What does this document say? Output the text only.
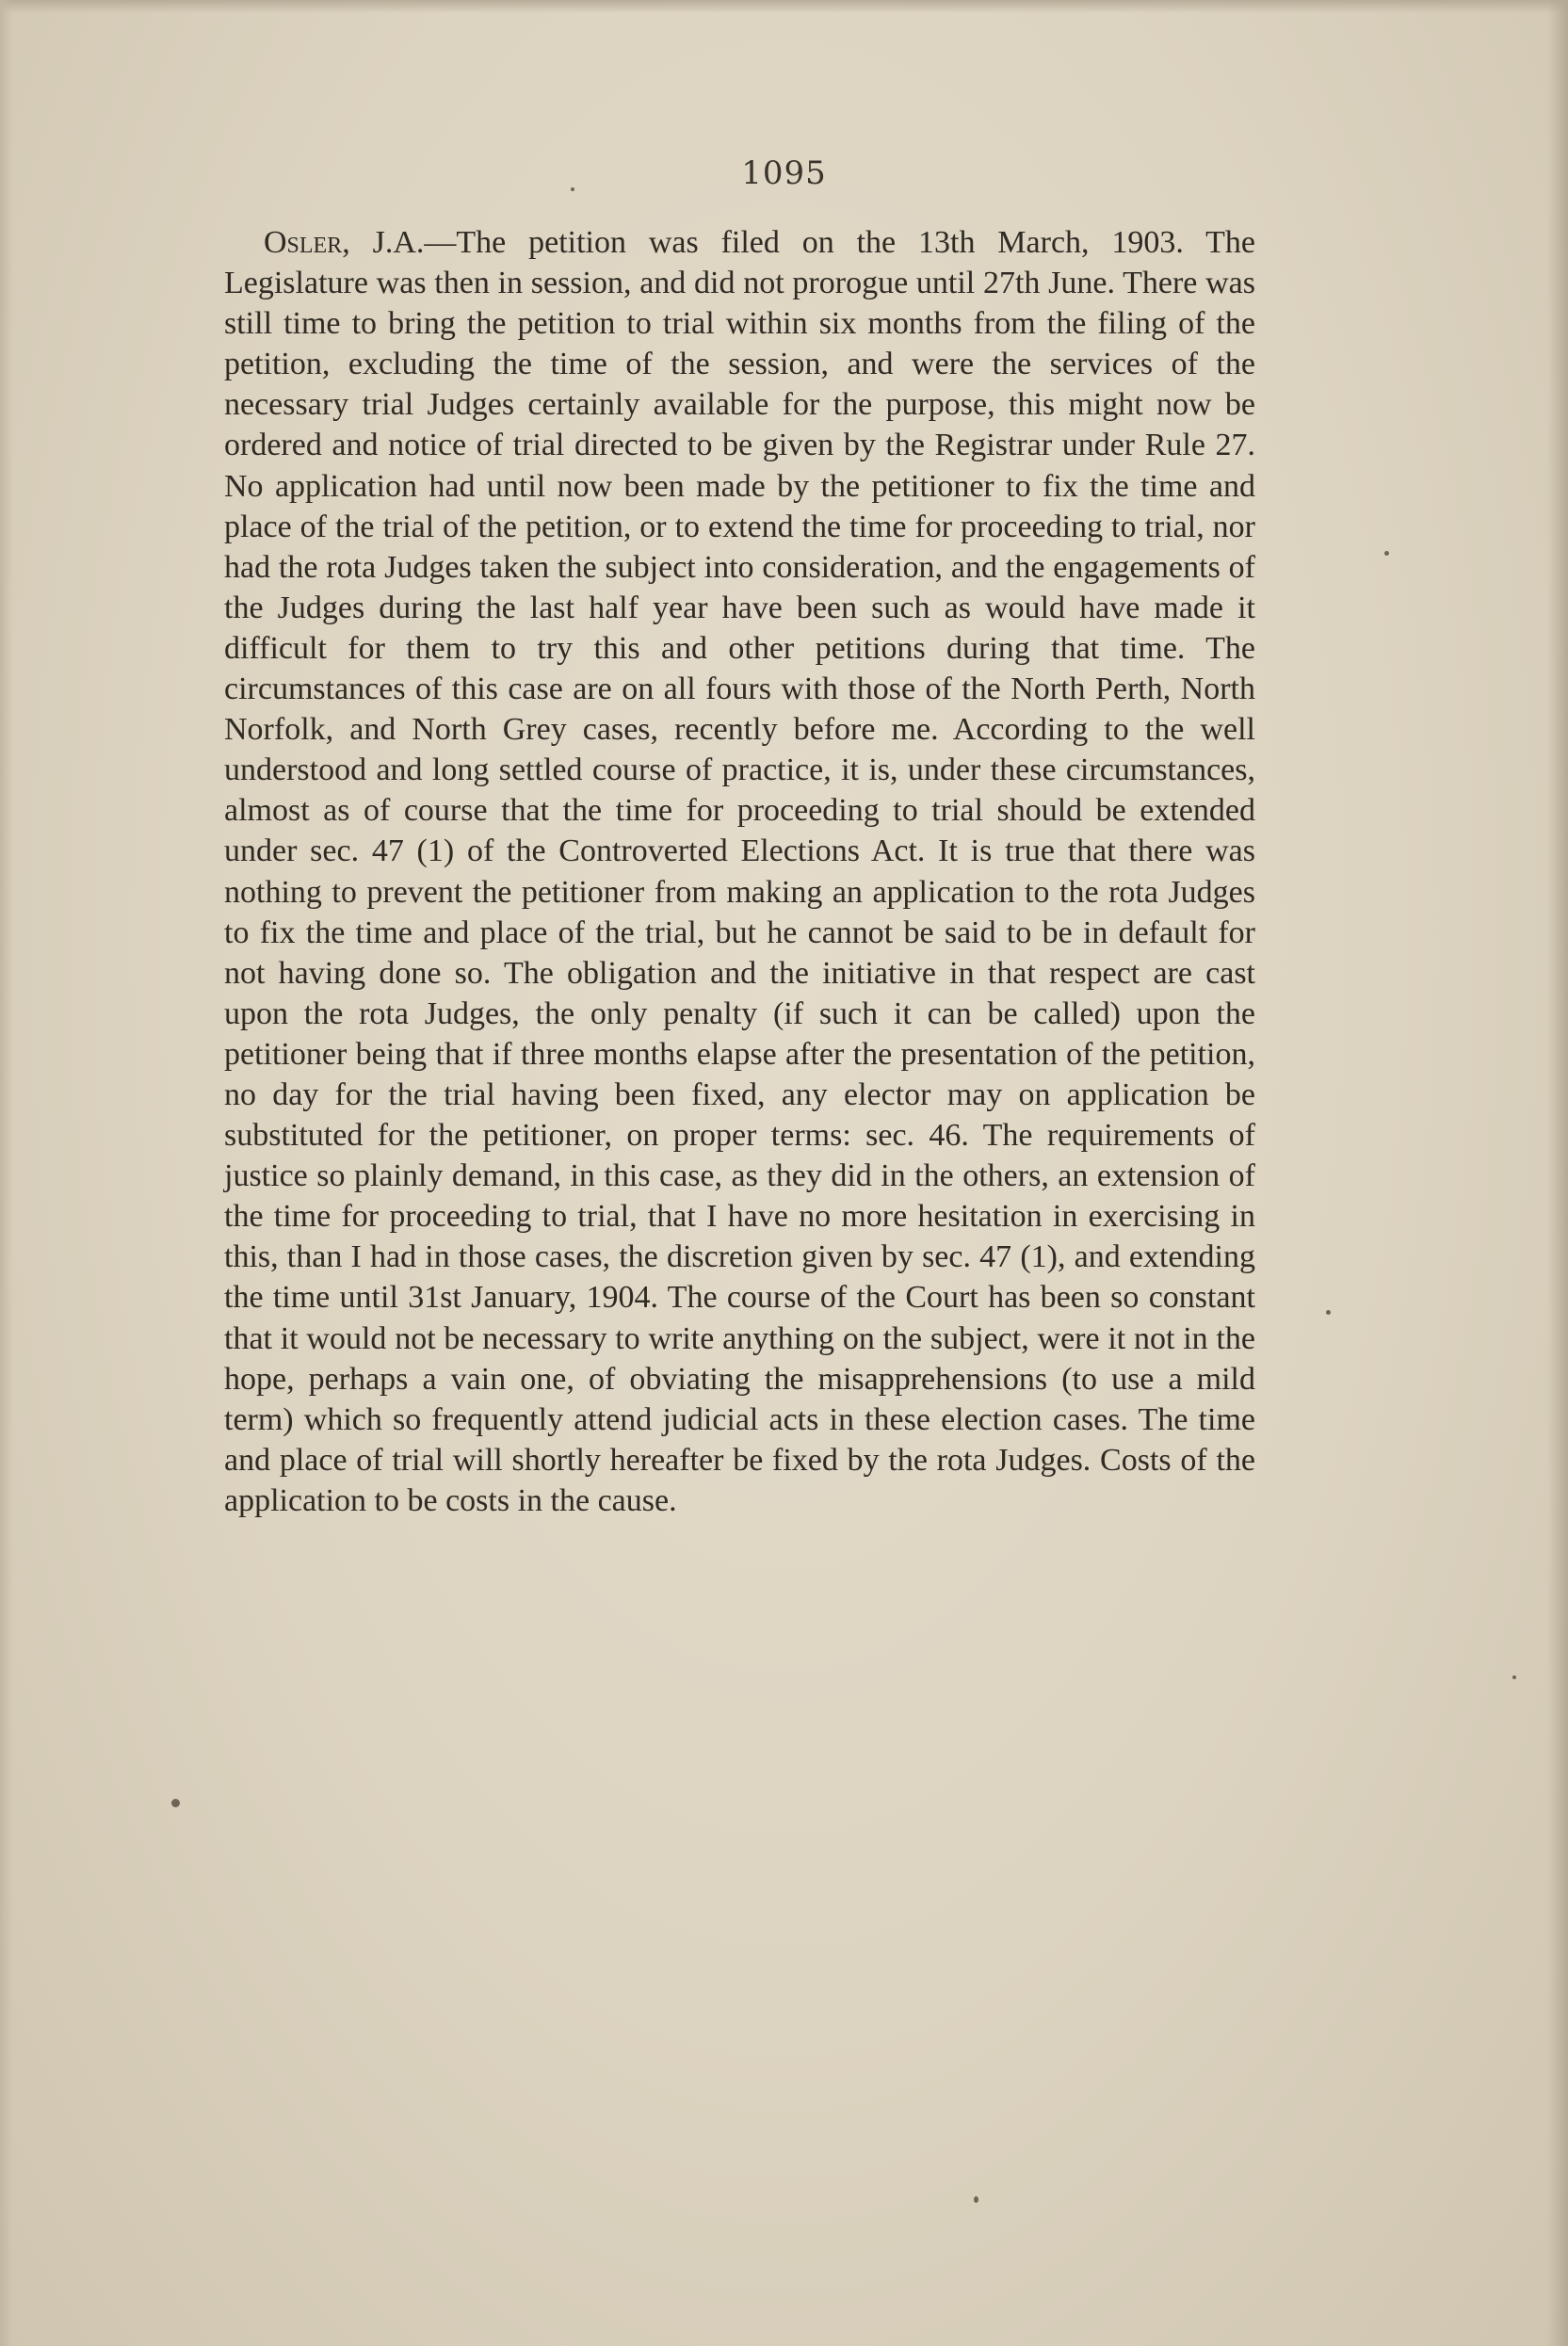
1095

Osler, J.A.—The petition was filed on the 13th March, 1903. The Legislature was then in session, and did not prorogue until 27th June. There was still time to bring the petition to trial within six months from the filing of the petition, excluding the time of the session, and were the services of the necessary trial Judges certainly available for the purpose, this might now be ordered and notice of trial directed to be given by the Registrar under Rule 27. No application had until now been made by the petitioner to fix the time and place of the trial of the petition, or to extend the time for proceeding to trial, nor had the rota Judges taken the subject into consideration, and the engagements of the Judges during the last half year have been such as would have made it difficult for them to try this and other petitions during that time. The circumstances of this case are on all fours with those of the North Perth, North Norfolk, and North Grey cases, recently before me. According to the well understood and long settled course of practice, it is, under these circumstances, almost as of course that the time for proceeding to trial should be extended under sec. 47 (1) of the Controverted Elections Act. It is true that there was nothing to prevent the petitioner from making an application to the rota Judges to fix the time and place of the trial, but he cannot be said to be in default for not having done so. The obligation and the initiative in that respect are cast upon the rota Judges, the only penalty (if such it can be called) upon the petitioner being that if three months elapse after the presentation of the petition, no day for the trial having been fixed, any elector may on application be substituted for the petitioner, on proper terms: sec. 46. The requirements of justice so plainly demand, in this case, as they did in the others, an extension of the time for proceeding to trial, that I have no more hesitation in exercising in this, than I had in those cases, the discretion given by sec. 47 (1), and extending the time until 31st January, 1904. The course of the Court has been so constant that it would not be necessary to write anything on the subject, were it not in the hope, perhaps a vain one, of obviating the misapprehensions (to use a mild term) which so frequently attend judicial acts in these election cases. The time and place of trial will shortly hereafter be fixed by the rota Judges. Costs of the application to be costs in the cause.
